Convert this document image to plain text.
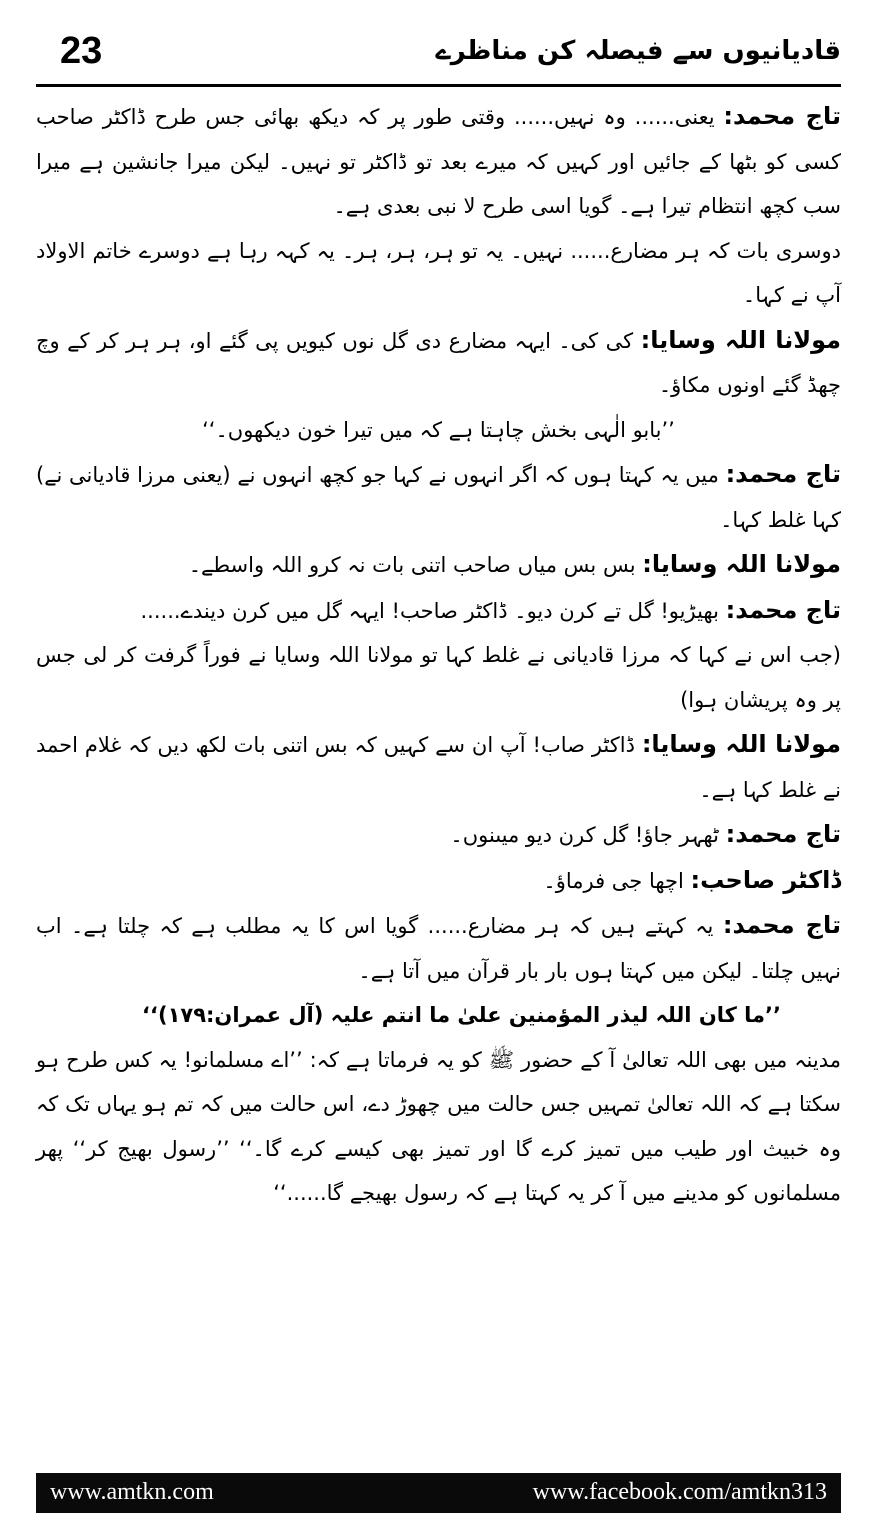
23	قادیانیوں سے فیصلہ کن مناظرے

تاج محمد: یعنی...... وہ نہیں...... وقتی طور پر کہ دیکھ بھائی جس طرح ڈاکٹر صاحب کسی کو بٹھا کے جائیں اور کہیں کہ میرے بعد تو ڈاکٹر تو نہیں۔ لیکن میرا جانشین ہے میرا سب کچھ انتظام تیرا ہے۔ گویا اسی طرح لا نبی بعدی ہے۔

دوسری بات کہ ہر مضارع...... نہیں۔ یہ تو ہر، ہر، ہر۔ یہ کہہ رہا ہے دوسرے خاتم الاولاد آپ نے کہا۔

مولانا اللہ وسایا: کی کی۔ ایہہ مضارع دی گل نوں کیویں پی گئے او، ہر ہر کر کے وچ چھڈ گئے اونوں مکاؤ۔

’’بابو الٰہی بخش چاہتا ہے کہ میں تیرا خون دیکھوں۔‘‘

تاج محمد: میں یہ کہتا ہوں کہ اگر انہوں نے کہا جو کچھ انہوں نے (یعنی مرزا قادیانی نے) کہا غلط کہا۔

مولانا اللہ وسایا: بس بس میاں صاحب اتنی بات نہ کرو اللہ واسطے۔

تاج محمد: بھیڑیو! گل تے کرن دیو۔ ڈاکٹر صاحب! ایہہ گل میں کرن دیندے......

(جب اس نے کہا کہ مرزا قادیانی نے غلط کہا تو مولانا اللہ وسایا نے فوراً گرفت کر لی جس پر وہ پریشان ہوا)

مولانا اللہ وسایا: ڈاکٹر صاب! آپ ان سے کہیں کہ بس اتنی بات لکھ دیں کہ غلام احمد نے غلط کہا ہے۔

تاج محمد: ٹھہر جاؤ! گل کرن دیو میںنوں۔

ڈاکٹر صاحب: اچھا جی فرماؤ۔

تاج محمد: یہ کہتے ہیں کہ ہر مضارع...... گویا اس کا یہ مطلب ہے کہ چلتا ہے۔ اب نہیں چلتا۔ لیکن میں کہتا ہوں بار بار قرآن میں آتا ہے۔

’’ما کان اللہ لیذر المؤمنین علیٰ ما انتم علیہ (آل عمران:۱۷۹)‘‘

مدینہ میں بھی اللہ تعالیٰ آ کے حضور ﷺ کو یہ فرماتا ہے کہ: ’’اے مسلمانو! یہ کس طرح ہو سکتا ہے کہ اللہ تعالیٰ تمہیں جس حالت میں چھوڑ دے، اس حالت میں کہ تم ہو یہاں تک کہ وہ خبیث اور طیب میں تمیز کرے گا اور تمیز بھی کیسے کرے گا۔‘‘ ’’رسول بھیج کر‘‘ پھر مسلمانوں کو مدینے میں آ کر یہ کہتا ہے کہ رسول بھیجے گا......‘‘

www.amtkn.com	www.facebook.com/amtkn313
